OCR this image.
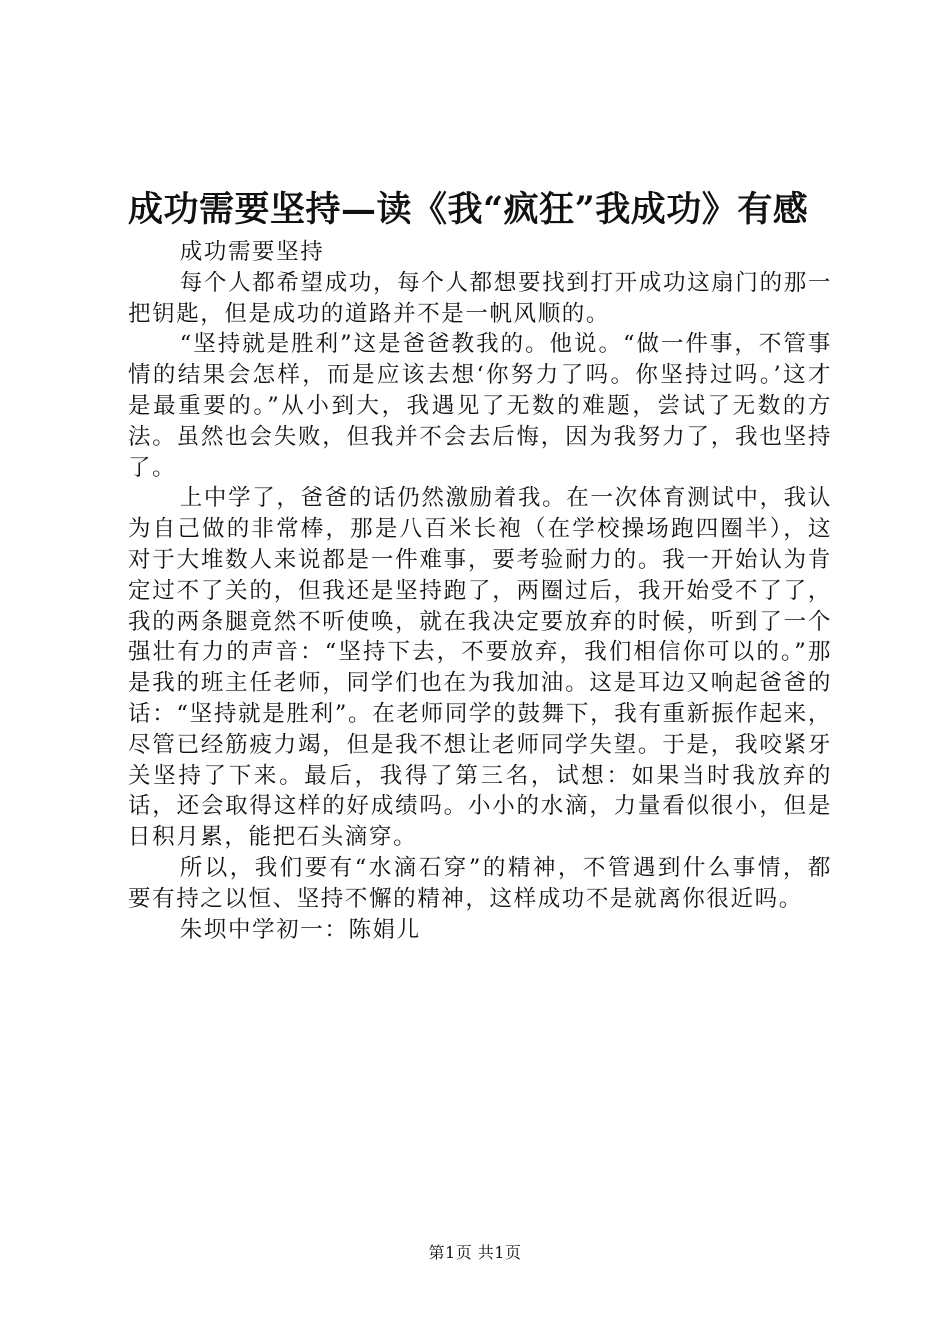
成功需要坚持—读《我“疯狂”我成功》有感

成功需要坚持

每个人都希望成功，每个人都想要找到打开成功这扇门的那一把钥匙，但是成功的道路并不是一帆风顺的。

“坚持就是胜利”这是爸爸教我的。他说。“做一件事，不管事情的结果会怎样，而是应该去想‘你努力了吗。你坚持过吗。’这才是最重要的。”从小到大，我遇见了无数的难题，尝试了无数的方法。虽然也会失败，但我并不会去后悔，因为我努力了，我也坚持了。

上中学了，爸爸的话仍然激励着我。在一次体育测试中，我认为自己做的非常棒，那是八百米长袍（在学校操场跑四圈半），这对于大堆数人来说都是一件难事，要考验耐力的。我一开始认为肯定过不了关的，但我还是坚持跑了，两圈过后，我开始受不了了，我的两条腿竟然不听使唤，就在我决定要放弃的时候，听到了一个强壮有力的声音：“坚持下去，不要放弃，我们相信你可以的。”那是我的班主任老师，同学们也在为我加油。这是耳边又响起爸爸的话：“坚持就是胜利”。在老师同学的鼓舞下，我有重新振作起来，尽管已经筋疲力竭，但是我不想让老师同学失望。于是，我咬紧牙关坚持了下来。最后，我得了第三名，试想：如果当时我放弃的话，还会取得这样的好成绩吗。小小的水滴，力量看似很小，但是日积月累，能把石头滴穿。

所以，我们要有“水滴石穿”的精神，不管遇到什么事情，都要有持之以恒、坚持不懈的精神，这样成功不是就离你很近吗。

朱坝中学初一：陈娟儿

第1页 共1页
